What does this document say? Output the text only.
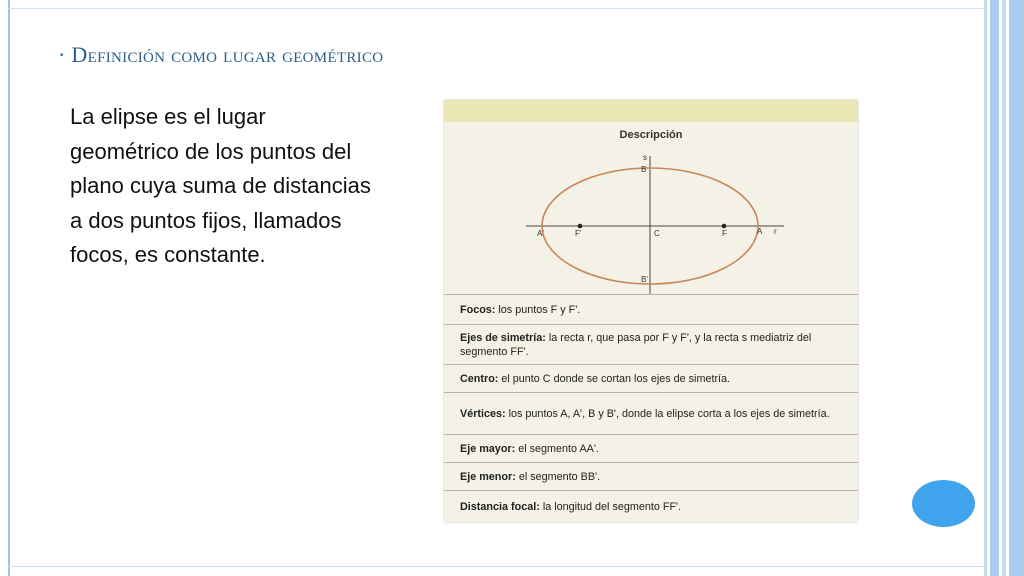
· Definición como lugar geométrico
La elipse es el lugar geométrico de los puntos del plano cuya suma de distancias a dos puntos fijos, llamados focos, es constante.
Descripción
s
B
B'
A'	F'	C	F	A r
Focos: los puntos F y F'.
Ejes de simetría: la recta r, que pasa por F y F', y la recta s mediatriz del segmento FF'.
Centro: el punto C donde se cortan los ejes de simetría.
Vértices: los puntos A, A', B y B', donde la elipse corta a los ejes de simetría.
Eje mayor: el segmento AA'.
Eje menor: el segmento BB'.
Distancia focal: la longitud del segmento FF'.
